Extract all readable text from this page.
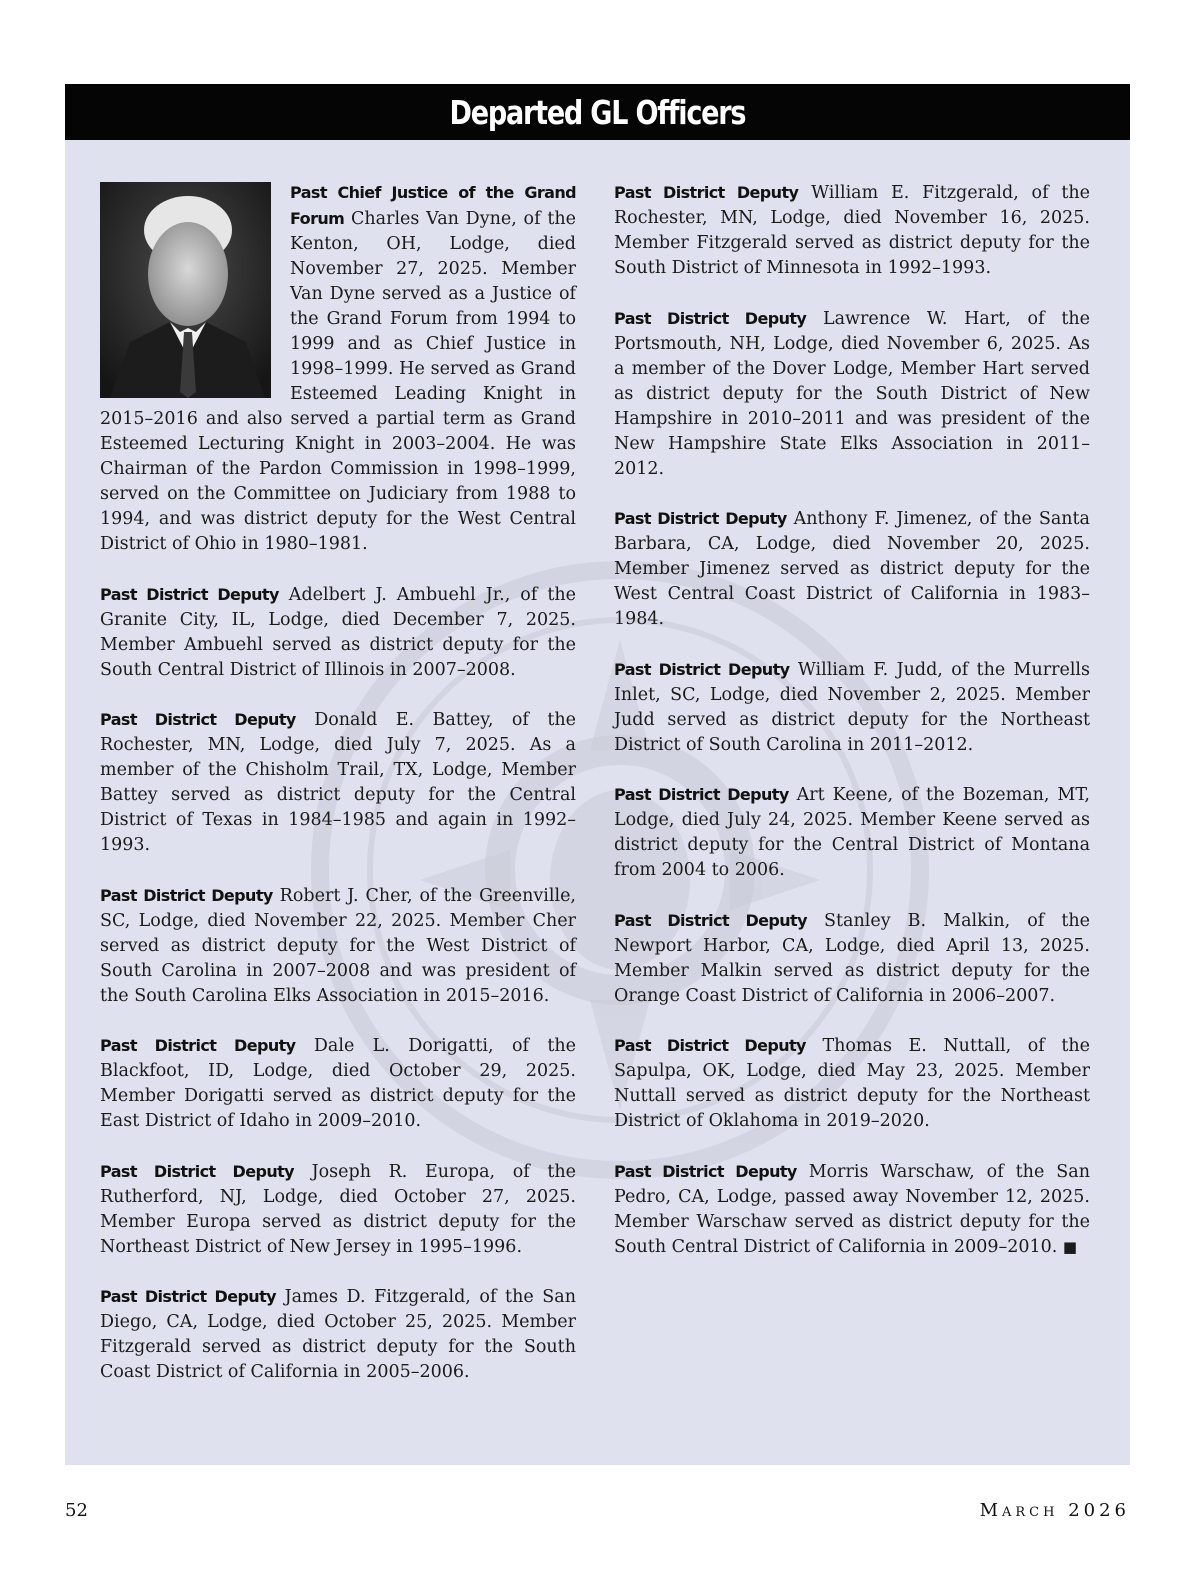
Departed GL Officers

Past Chief Justice of the Grand Forum Charles Van Dyne, of the Kenton, OH, Lodge, died November 27, 2025. Member Van Dyne served as a Justice of the Grand Forum from 1994 to 1999 and as Chief Justice in 1998–1999. He served as Grand Esteemed Leading Knight in 2015–2016 and also served a partial term as Grand Esteemed Lecturing Knight in 2003–2004. He was Chairman of the Pardon Commission in 1998–1999, served on the Committee on Judiciary from 1988 to 1994, and was district deputy for the West Central District of Ohio in 1980–1981.

Past District Deputy Adelbert J. Ambuehl Jr., of the Granite City, IL, Lodge, died December 7, 2025. Member Ambuehl served as district deputy for the South Central District of Illinois in 2007–2008.

Past District Deputy Donald E. Battey, of the Rochester, MN, Lodge, died July 7, 2025. As a member of the Chisholm Trail, TX, Lodge, Member Battey served as district deputy for the Central District of Texas in 1984–1985 and again in 1992–1993.

Past District Deputy Robert J. Cher, of the Greenville, SC, Lodge, died November 22, 2025. Member Cher served as district deputy for the West District of South Carolina in 2007–2008 and was president of the South Carolina Elks Association in 2015–2016.

Past District Deputy Dale L. Dorigatti, of the Blackfoot, ID, Lodge, died October 29, 2025. Member Dorigatti served as district deputy for the East District of Idaho in 2009–2010.

Past District Deputy Joseph R. Europa, of the Rutherford, NJ, Lodge, died October 27, 2025. Member Europa served as district deputy for the Northeast District of New Jersey in 1995–1996.

Past District Deputy James D. Fitzgerald, of the San Diego, CA, Lodge, died October 25, 2025. Member Fitzgerald served as district deputy for the South Coast District of California in 2005–2006.

Past District Deputy William E. Fitzgerald, of the Rochester, MN, Lodge, died November 16, 2025. Member Fitzgerald served as district deputy for the South District of Minnesota in 1992–1993.

Past District Deputy Lawrence W. Hart, of the Portsmouth, NH, Lodge, died November 6, 2025. As a member of the Dover Lodge, Member Hart served as district deputy for the South District of New Hampshire in 2010–2011 and was president of the New Hampshire State Elks Association in 2011–2012.

Past District Deputy Anthony F. Jimenez, of the Santa Barbara, CA, Lodge, died November 20, 2025. Member Jimenez served as district deputy for the West Central Coast District of California in 1983–1984.

Past District Deputy William F. Judd, of the Murrells Inlet, SC, Lodge, died November 2, 2025. Member Judd served as district deputy for the Northeast District of South Carolina in 2011–2012.

Past District Deputy Art Keene, of the Bozeman, MT, Lodge, died July 24, 2025. Member Keene served as district deputy for the Central District of Montana from 2004 to 2006.

Past District Deputy Stanley B. Malkin, of the Newport Harbor, CA, Lodge, died April 13, 2025. Member Malkin served as district deputy for the Orange Coast District of California in 2006–2007.

Past District Deputy Thomas E. Nuttall, of the Sapulpa, OK, Lodge, died May 23, 2025. Member Nuttall served as district deputy for the Northeast District of Oklahoma in 2019–2020.

Past District Deputy Morris Warschaw, of the San Pedro, CA, Lodge, passed away November 12, 2025. Member Warschaw served as district deputy for the South Central District of California in 2009–2010. ■

52	March 2026
